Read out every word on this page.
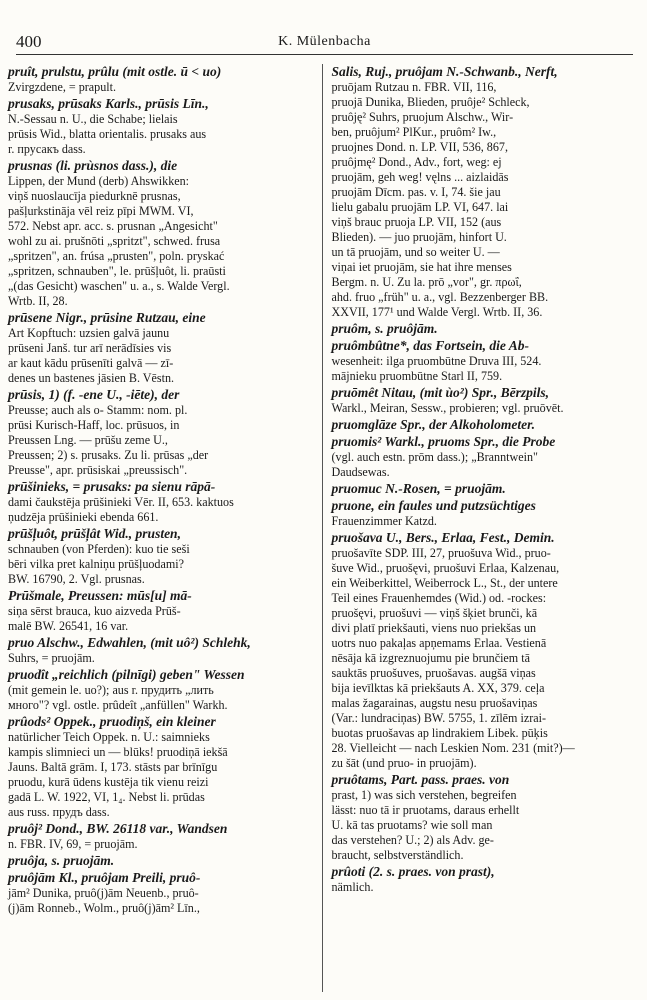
400	K. Mülenbacha

pruît, prulstu, prûlu (mit ostle. ū < uo)Zvirgzdene, = prapult.

prusaks, prūsaks Karls., prūsis Līn.,N.-Sessau n. U., die Schabe; lielaisprūsis Wid., blatta orientalis. prusaks ausr. прусакъ dass.

prusnas (li. prùsnos dass.), dieLippen, der Mund (derb) Ahswikken:viņš nuoslaucīja piedurknē prusnas,pašļurkstināja vēl reiz pīpi MWM. VI,572. Nebst apr. acc. s. prusnan „Angesicht"wohl zu ai. prušnōti „spritzt", schwed. frusa„spritzen", an. frúsa „prusten", poln. pryskać„spritzen, schnauben", le. prūšļuôt, li. praūsti„(das Gesicht) waschen" u. a., s. Walde Vergl.Wrtb. II, 28.

prūsene Nigr., prūsine Rutzau, eineArt Kopftuch: uzsien galvā jaunuprūseni Janš. tur arī nerādīsies visar kaut kādu prūsenīti galvā — zī-denes un bastenes jāsien B. Vēstn.

prūsis, 1) (f. -ene U., -iēte), derPreusse; auch als o- Stamm: nom. pl.prūsi Kurisch-Haff, loc. prūsuos, inPreussen Lng. — prūšu zeme U.,Preussen; 2) s. prusaks. Zu li. prūsas „derPreusse", apr. prūsiskai „preussisch".

prūšinieks, = prusaks: pa sienu rāpā-dami čaukstēja prūšinieki Vēr. II, 653. kaktuosņudzēja prūšinieki ebenda 661.

prūšļuôt, prūšļât Wid., prusten,schnauben (von Pferden): kuo tie sešibēri vilka pret kalniņu prūšļuodami?BW. 16790, 2. Vgl. prusnas.

Prūšmale, Preussen: mūs[u] mā-siņa sērst brauca, kuo aizveda Prūš-malē BW. 26541, 16 var.

pruo Alschw., Edwahlen, (mit uô²) Schlehk,Suhrs, = pruojām.

pruodît „reichlich (pilnīgi) geben" Wessen(mit gemein le. uo?); aus r. прудить „литьмного"? vgl. ostle. prûdeît „anfüllen" Warkh.

prûods² Oppek., pruodiņš, ein kleinernatürlicher Teich Oppek. n. U.: saimniekskampis slimnieci un — blūks! pruodiņā iekšāJauns. Baltā grām. I, 173. stāsts par brīnīgupruodu, kurā ūdens kustēja tik vienu reizigadā L. W. 1922, VI, 1₄. Nebst li. prūdasaus russ. прудъ dass.

pruôj² Dond., BW. 26118 var., Wandsenn. FBR. IV, 69, = pruojām.

pruôja, s. pruojām.

pruôjām Kl., pruôjam Preili, pruô-jām² Dunika, pruô(j)ām Neuenb., pruô-(j)ām Ronneb., Wolm., pruô(j)ām² Līn.,

Salis, Ruj., pruôjam N.-Schwanb., Nerft,pruōjam Rutzau n. FBR. VII, 116,pruojā Dunika, Blieden, pruôje² Schleck,pruôję² Suhrs, pruojum Alschw., Wir-ben, pruôjum² PlKur., pruôm² Iw.,pruojnes Dond. n. LP. VII, 536, 867,pruôjmę² Dond., Adv., fort, weg: ejpruojām, geh weg! vęlns ... aizlaidāspruojām Dīcm. pas. v. I, 74. šie jaulielu gabalu pruojām LP. VI, 647. laiviņš brauc pruoja LP. VII, 152 (ausBlieden). — juo pruojām, hinfort U.un tā pruojām, und so weiter U. —viņai iet pruojām, sie hat ihre mensesBergm. n. U. Zu la. prō „vor", gr. πρωΐ,ahd. fruo „früh" u. a., vgl. Bezzenberger BB.XXVII, 177¹ und Walde Vergl. Wrtb. II, 36.

pruôm, s. pruôjām.

pruômbûtne*, das Fortsein, die Ab-wesenheit: ilga pruombūtne Druva III, 524.mājnieku pruombūtne Starl II, 759.

pruōmêt Nitau, (mit ùo²) Spr., Bērzpils,Warkl., Meiran, Sessw., probieren; vgl. pruōvēt.

pruomglāze Spr., der Alkoholometer.

pruomis² Warkl., pruoms Spr., die Probe(vgl. auch estn. prōm dass.); „Branntwein"Daudsewas.

pruomuc N.-Rosen, = pruojām.

pruone, ein faules und putzsüchtigesFrauenzimmer Katzd.

pruošava U., Bers., Erlaa, Fest., Demin.pruošavīte SDP. III, 27, pruošuva Wid., pruo-šuve Wid., pruošęvi, pruošuvi Erlaa, Kalzenau,ein Weiberkittel, Weiberrock L., St., der untereTeil eines Frauenhemdes (Wid.) od. -rockes:pruošęvi, pruošuvi — viņš šķiet brunči, kādivi platī priekšauti, viens nuo priekšas unuotrs nuo pakaļas apņemams Erlaa. Vestienānēsāja kā izgreznuojumu pie brunčiem tāsauktās pruošuves, pruošavas. augšā viņasbija ievīlktas kā priekšauts A. XX, 379. ceļamalas žagarainas, augstu nesu pruošaviņas(Var.: lundraciņas) BW. 5755, 1. zīlēm izrai-buotas pruošavas ap lindrakiem Libek. pūķis28. Vielleicht — nach Leskien Nom. 231 (mit?)—zu šāt (und pruo- in pruojām).

pruôtams, Part. pass. praes. vonprast, 1) was sich verstehen, begreifenlässt: nuo tā ir pruotams, daraus erhelltU. kā tas pruotams? wie soll mandas verstehen? U.; 2) als Adv. ge-braucht, selbstverständlich.

prûoti (2. s. praes. von prast),nämlich.
